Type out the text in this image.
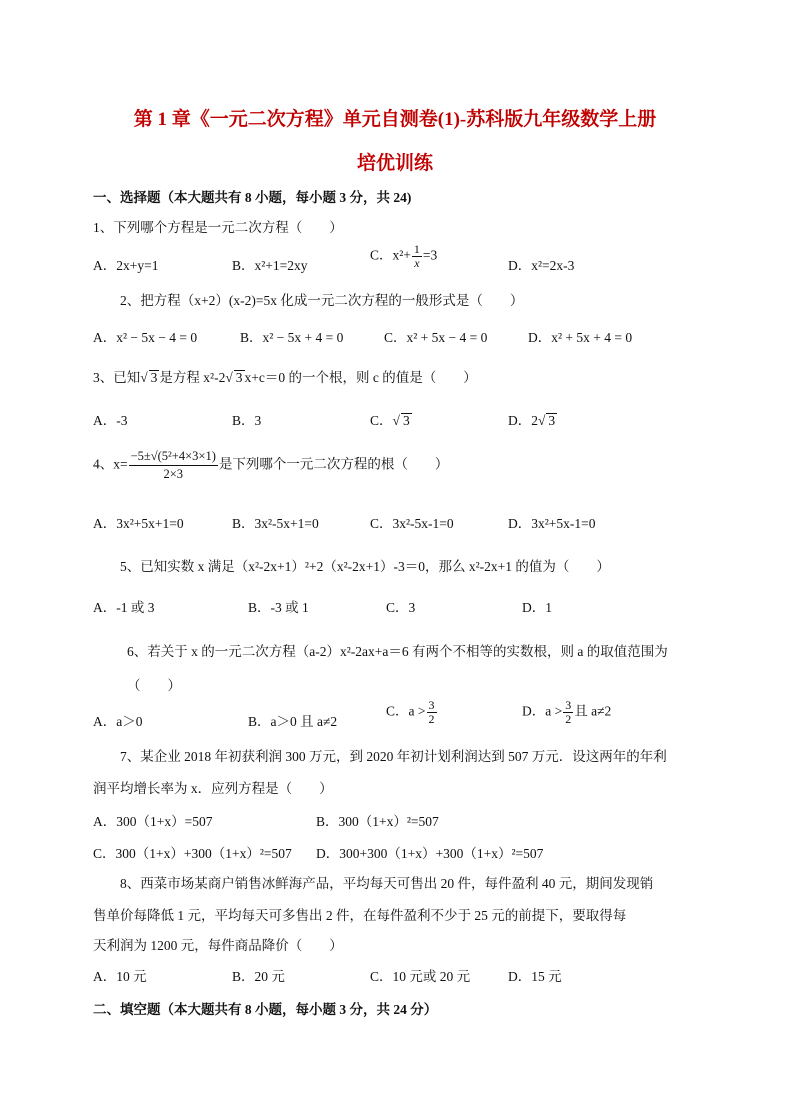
第 1 章《一元二次方程》单元自测卷(1)-苏科版九年级数学上册
培优训练
一、选择题（本大题共有 8 小题，每小题 3 分，共 24)
1、下列哪个方程是一元二次方程（　　）
A．2x+y=1	B．x²+1=2xy
C．$x^2+ \frac{1}{x} =3$
D．x²=2x-3
2、把方程（x+2）(x-2)=5x 化成一元二次方程的一般形式是（　　）
A．x² − 5x − 4 = 0	B．x² − 5x + 4 = 0	C．x² + 5x − 4 = 0	D．x² + 5x + 4 = 0
3、已知 √ 3 是方程 x²-2 √ 3 x+c＝0 的一个根，则 c 的值是（　　）
A．-3	B．3	C． √ 3	D．2 √ 3
4、$x= \frac{\text{−5±√(5²+4×3×1)}}{2\times 3}$ 是下列哪个一元二次方程的根（　　）
A．3x²+5x+1=0	B．3x²-5x+1=0	C．3x²-5x-1=0	D．3x²+5x-1=0
5、已知实数 x 满足（x²-2x+1）²+2（x²-2x+1）-3＝0，那么 x²-2x+1 的值为（　　）
A．-1 或 3	B．-3 或 1	C．3	D．1
6、若关于 x 的一元二次方程（a-2）x²-2ax+a＝6 有两个不相等的实数根，则 a 的取值范围为
（　　）
A．a＞0	B．a＞0 且 a≠2
C．$a > \frac{3}{2}$	D．$a > \frac{3}{2}$ 且 a≠2
7、某企业 2018 年初获利润 300 万元，到 2020 年初计划利润达到 507 万元．设这两年的年利
润平均增长率为 x．应列方程是（　　）
A．300（1+x）=507	B．300（1+x）²=507
C．300（1+x）+300（1+x）²=507 D．300+300（1+x）+300（1+x）²=507
8、西菜市场某商户销售冰鲜海产品，平均每天可售出 20 件，每件盈利 40 元，期间发现销
售单价每降低 1 元，平均每天可多售出 2 件，在每件盈利不少于 25 元的前提下，要取得每
天利润为 1200 元，每件商品降价（　　）
A．10 元	B．20 元	C．10 元或 20 元	D．15 元
二、填空题（本大题共有 8 小题，每小题 3 分，共 24 分）
